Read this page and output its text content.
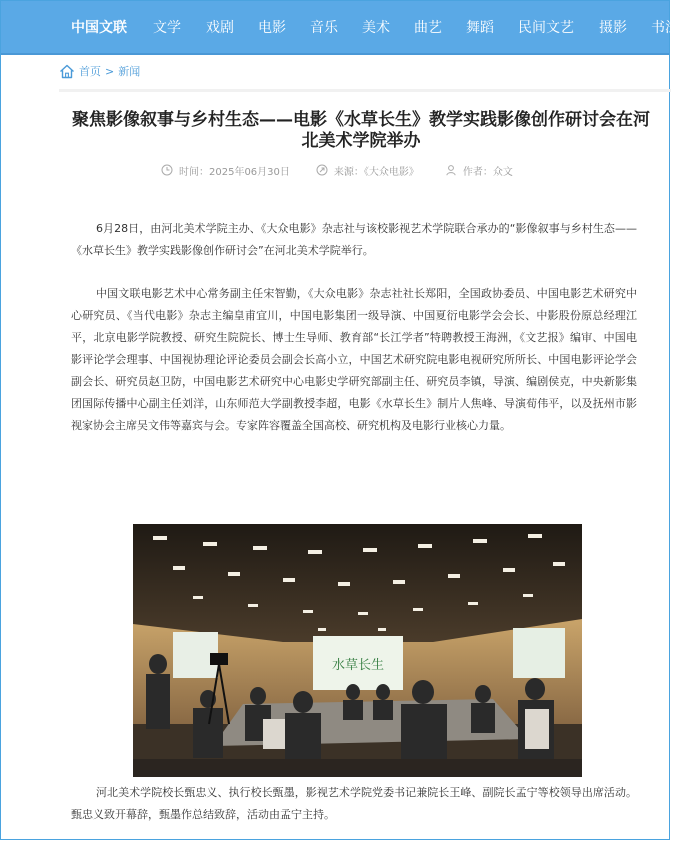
中国文联 文学 戏剧 电影 音乐 美术 曲艺 舞蹈 民间文艺 摄影 书法
首页 > 新闻
聚焦影像叙事与乡村生态——电影《水草长生》教学实践影像创作研讨会在河北美术学院举办
时间：2025年06月30日	来源：《大众电影》	作者：众文

6月28日，由河北美术学院主办、《大众电影》杂志社与该校影视艺术学院联合承办的“影像叙事与乡村生态——《水草长生》教学实践影像创作研讨会”在河北美术学院举行。

中国文联电影艺术中心常务副主任宋智勤，《大众电影》杂志社社长郑阳，全国政协委员、中国电影艺术研究中心研究员、《当代电影》杂志主编皇甫宜川，中国电影集团一级导演、中国夏衍电影学会会长、中影股份原总经理江平，北京电影学院教授、研究生院院长、博士生导师、教育部“长江学者”特聘教授王海洲，《文艺报》编审、中国电影评论学会理事、中国视协理论评论委员会副会长高小立，中国艺术研究院电影电视研究所所长、中国电影评论学会副会长、研究员赵卫防，中国电影艺术研究中心电影史学研究部副主任、研究员李镇，导演、编剧侯克，中央新影集团国际传播中心副主任刘洋，山东师范大学副教授李超，电影《水草长生》制片人焦峰、导演荀伟平，以及抚州市影视家协会主席吴文伟等嘉宾与会。专家阵容覆盖全国高校、研究机构及电影行业核心力量。

水草长生

河北美术学院校长甄忠义、执行校长甄墨，影视艺术学院党委书记兼院长王峰、副院长孟宁等校领导出席活动。甄忠义致开幕辞，甄墨作总结致辞，活动由孟宁主持。
